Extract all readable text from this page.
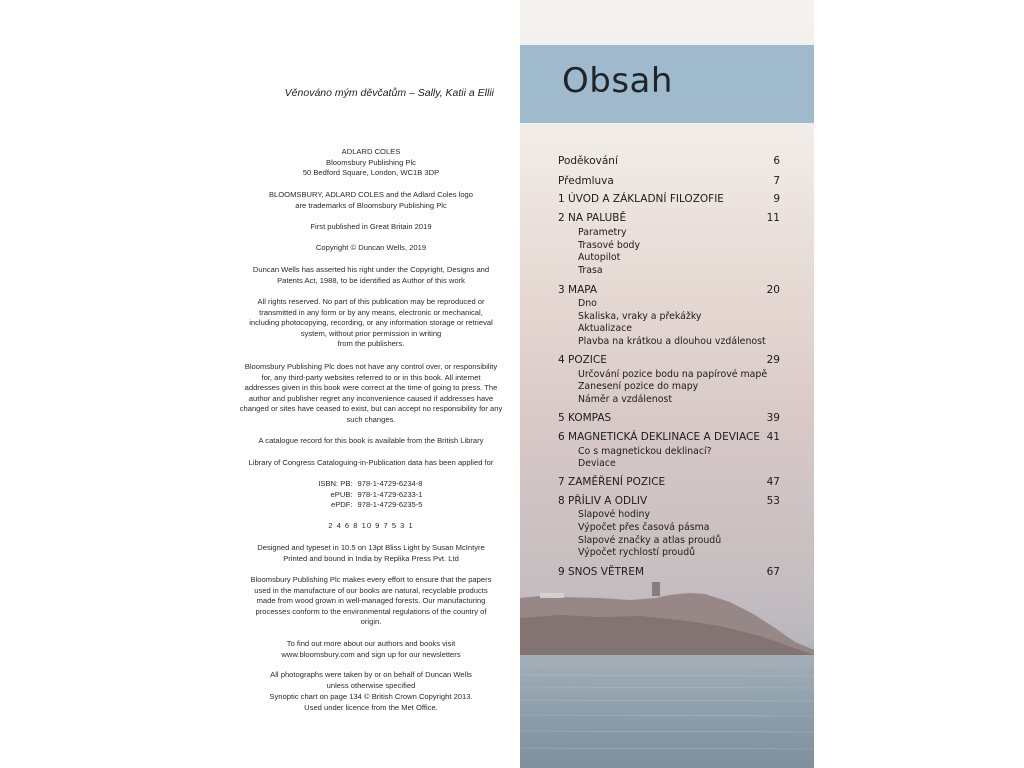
Věnováno mým děvčatům – Sally, Katii a Ellii
ADLARD COLES
Bloomsbury Publishing Plc
50 Bedford Square, London, WC1B 3DP
BLOOMSBURY, ADLARD COLES and the Adlard Coles logo
are trademarks of Bloomsbury Publishing Plc
First published in Great Britain 2019
Copyright © Duncan Wells, 2019
Duncan Wells has asserted his right under the Copyright, Designs and
Patents Act, 1988, to be identified as Author of this work
All rights reserved. No part of this publication may be reproduced or
transmitted in any form or by any means, electronic or mechanical,
including photocopying, recording, or any information storage or retrieval
system, without prior permission in writing
from the publishers.
Bloomsbury Publishing Plc does not have any control over, or responsibility
for, any third-party websites referred to or in this book. All internet
addresses given in this book were correct at the time of going to press. The
author and publisher regret any inconvenience caused if addresses have
changed or sites have ceased to exist, but can accept no responsibility for any
such changes.
A catalogue record for this book is available from the British Library
Library of Congress Cataloguing-in-Publication data has been applied for
ISBN: PB: 978-1-4729-6234-8
ePUB: 978-1-4729-6233-1
ePDF: 978-1-4729-6235-5
2 4 6 8 10 9 7 5 3 1
Designed and typeset in 10.5 on 13pt Bliss Light by Susan McIntyre
Printed and bound in India by Replika Press Pvt. Ltd
Bloomsbury Publishing Plc makes every effort to ensure that the papers
used in the manufacture of our books are natural, recyclable products
made from wood grown in well-managed forests. Our manufacturing
processes conform to the environmental regulations of the country of
origin.
To find out more about our authors and books visit
www.bloomsbury.com and sign up for our newsletters
All photographs were taken by or on behalf of Duncan Wells
unless otherwise specified
Synoptic chart on page 134 © British Crown Copyright 2013.
Used under licence from the Met Office.
Obsah
Poděkování	6
Předmluva	7
1 ÚVOD A ZÁKLADNÍ FILOZOFIE	9
2 NA PALUBĚ	11
Parametry
Trasové body
Autopilot
Trasa
3 MAPA	20
Dno
Skaliska, vraky a překážky
Aktualizace
Plavba na krátkou a dlouhou vzdálenost
4 POZICE	29
Určování pozice bodu na papírové mapě
Zanesení pozice do mapy
Náměr a vzdálenost
5 KOMPAS	39
6 MAGNETICKÁ DEKLINACE A DEVIACE 41
Co s magnetickou deklinací?
Deviace
7 ZAMĚŘENÍ POZICE	47
8 PŘÍLIV A ODLIV	53
Slapové hodiny
Výpočet přes časová pásma
Slapové značky a atlas proudů
Výpočet rychlostí proudů
9 SNOS VĚTREM	67
